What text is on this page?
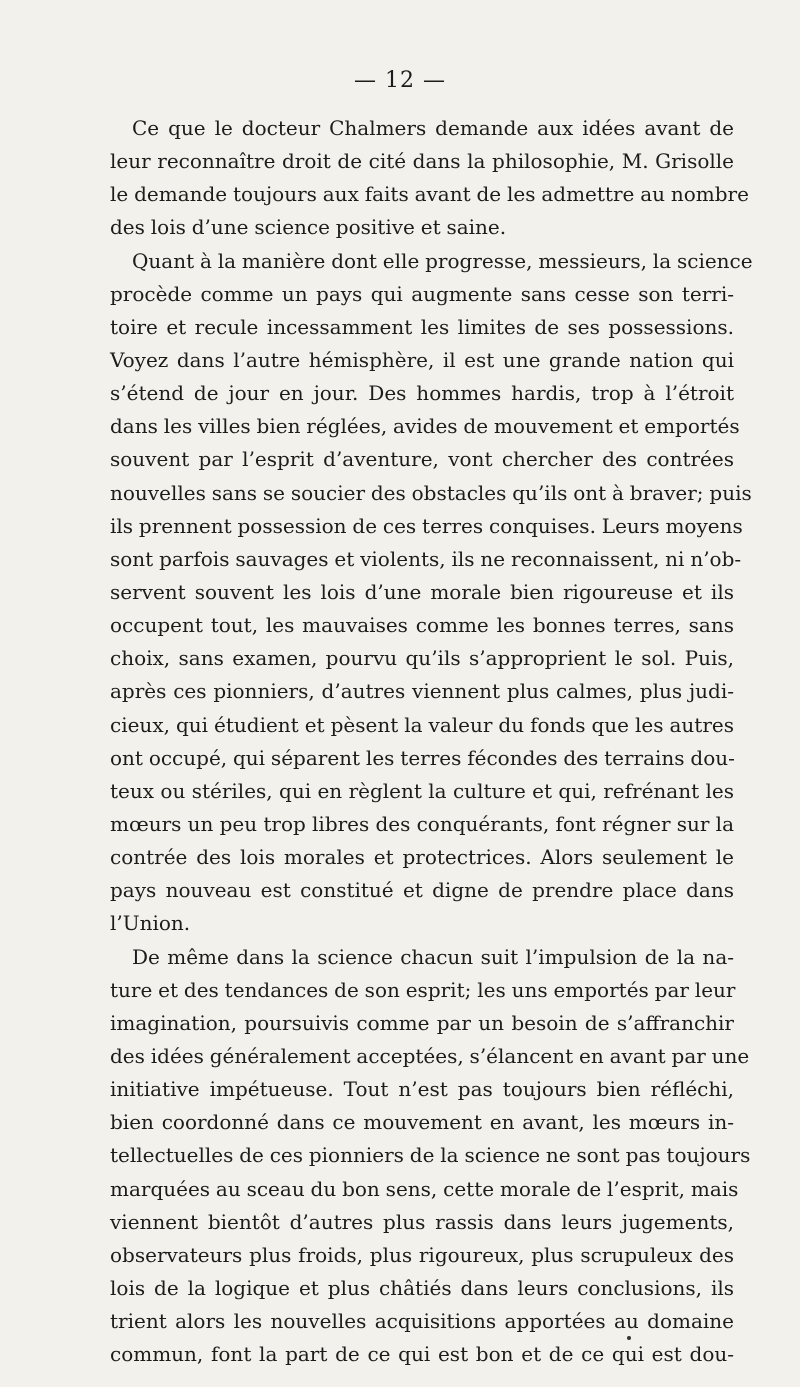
— 12 —
Ce que le docteur Chalmers demande aux idées avant de
leur reconnaître droit de cité dans la philosophie, M. Grisolle
le demande toujours aux faits avant de les admettre au nombre
des lois d’une science positive et saine.
Quant à la manière dont elle progresse, messieurs, la science
procède comme un pays qui augmente sans cesse son terri-
toire et recule incessamment les limites de ses possessions.
Voyez dans l’autre hémisphère, il est une grande nation qui
s’étend de jour en jour. Des hommes hardis, trop à l’étroit
dans les villes bien réglées, avides de mouvement et emportés
souvent par l’esprit d’aventure, vont chercher des contrées
nouvelles sans se soucier des obstacles qu’ils ont à braver; puis
ils prennent possession de ces terres conquises. Leurs moyens
sont parfois sauvages et violents, ils ne reconnaissent, ni n’ob-
servent souvent les lois d’une morale bien rigoureuse et ils
occupent tout, les mauvaises comme les bonnes terres, sans
choix, sans examen, pourvu qu’ils s’approprient le sol. Puis,
après ces pionniers, d’autres viennent plus calmes, plus judi-
cieux, qui étudient et pèsent la valeur du fonds que les autres
ont occupé, qui séparent les terres fécondes des terrains dou-
teux ou stériles, qui en règlent la culture et qui, refrénant les
mœurs un peu trop libres des conquérants, font régner sur la
contrée des lois morales et protectrices. Alors seulement le
pays nouveau est constitué et digne de prendre place dans
l’Union.
De même dans la science chacun suit l’impulsion de la na-
ture et des tendances de son esprit; les uns emportés par leur
imagination, poursuivis comme par un besoin de s’affranchir
des idées généralement acceptées, s’élancent en avant par une
initiative impétueuse. Tout n’est pas toujours bien réfléchi,
bien coordonné dans ce mouvement en avant, les mœurs in-
tellectuelles de ces pionniers de la science ne sont pas toujours
marquées au sceau du bon sens, cette morale de l’esprit, mais
viennent bientôt d’autres plus rassis dans leurs jugements,
observateurs plus froids, plus rigoureux, plus scrupuleux des
lois de la logique et plus châtiés dans leurs conclusions, ils
trient alors les nouvelles acquisitions apportées au domaine
commun, font la part de ce qui est bon et de ce qui est dou-
